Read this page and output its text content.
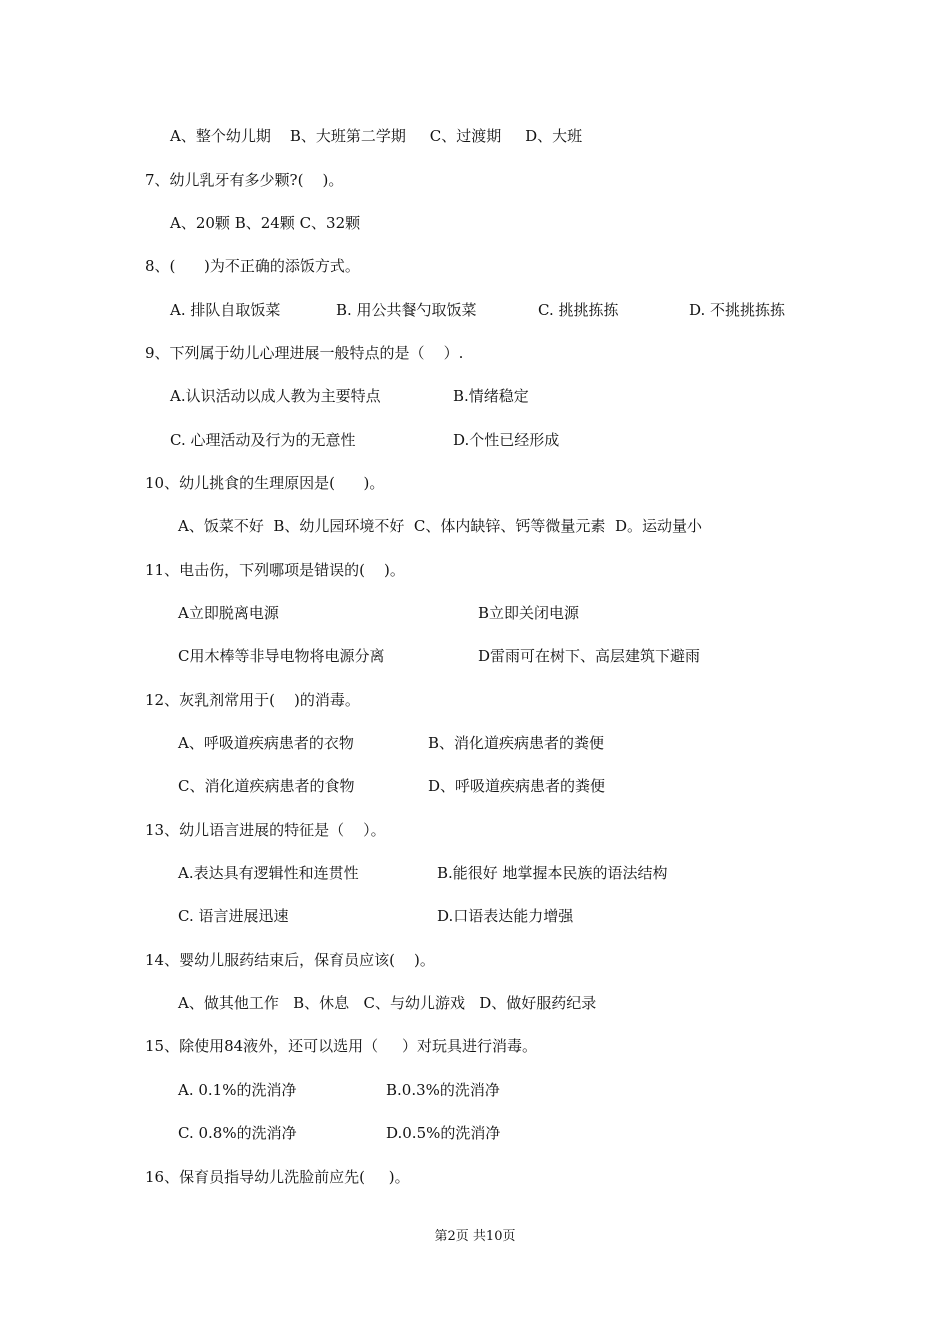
A、整个幼儿期    B、大班第二学期     C、过渡期     D、大班
7、幼儿乳牙有多少颗?(    )。
A、20颗 B、24颗 C、32颗
8、(      )为不正确的添饭方式。
A. 排队自取饭菜	B. 用公共餐勺取饭菜	C. 挑挑拣拣	D. 不挑挑拣拣
9、下列属于幼儿心理进展一般特点的是（    ）.
A.认识活动以成人教为主要特点	B.情绪稳定
C. 心理活动及行为的无意性	D.个性已经形成
10、幼儿挑食的生理原因是(      )。
A、饭菜不好  B、幼儿园环境不好  C、体内缺锌、钙等微量元素  D。运动量小
11、电击伤，下列哪项是错误的(    )。
A立即脱离电源	B立即关闭电源
C用木棒等非导电物将电源分离	D雷雨可在树下、高层建筑下避雨
12、灰乳剂常用于(    )的消毒。
A、呼吸道疾病患者的衣物	B、消化道疾病患者的粪便
C、消化道疾病患者的食物	D、呼吸道疾病患者的粪便
13、幼儿语言进展的特征是（    ）。
A.表达具有逻辑性和连贯性	B.能很好 地掌握本民族的语法结构
C. 语言进展迅速	D.口语表达能力增强
14、婴幼儿服药结束后，保育员应该(    )。
A、做其他工作   B、休息   C、与幼儿游戏   D、做好服药纪录
15、除使用84液外，还可以选用（     ）对玩具进行消毒。
A. 0.1%的洗消净	B.0.3%的洗消净
C. 0.8%的洗消净	D.0.5%的洗消净
16、保育员指导幼儿洗脸前应先(     )。
第2页 共10页
